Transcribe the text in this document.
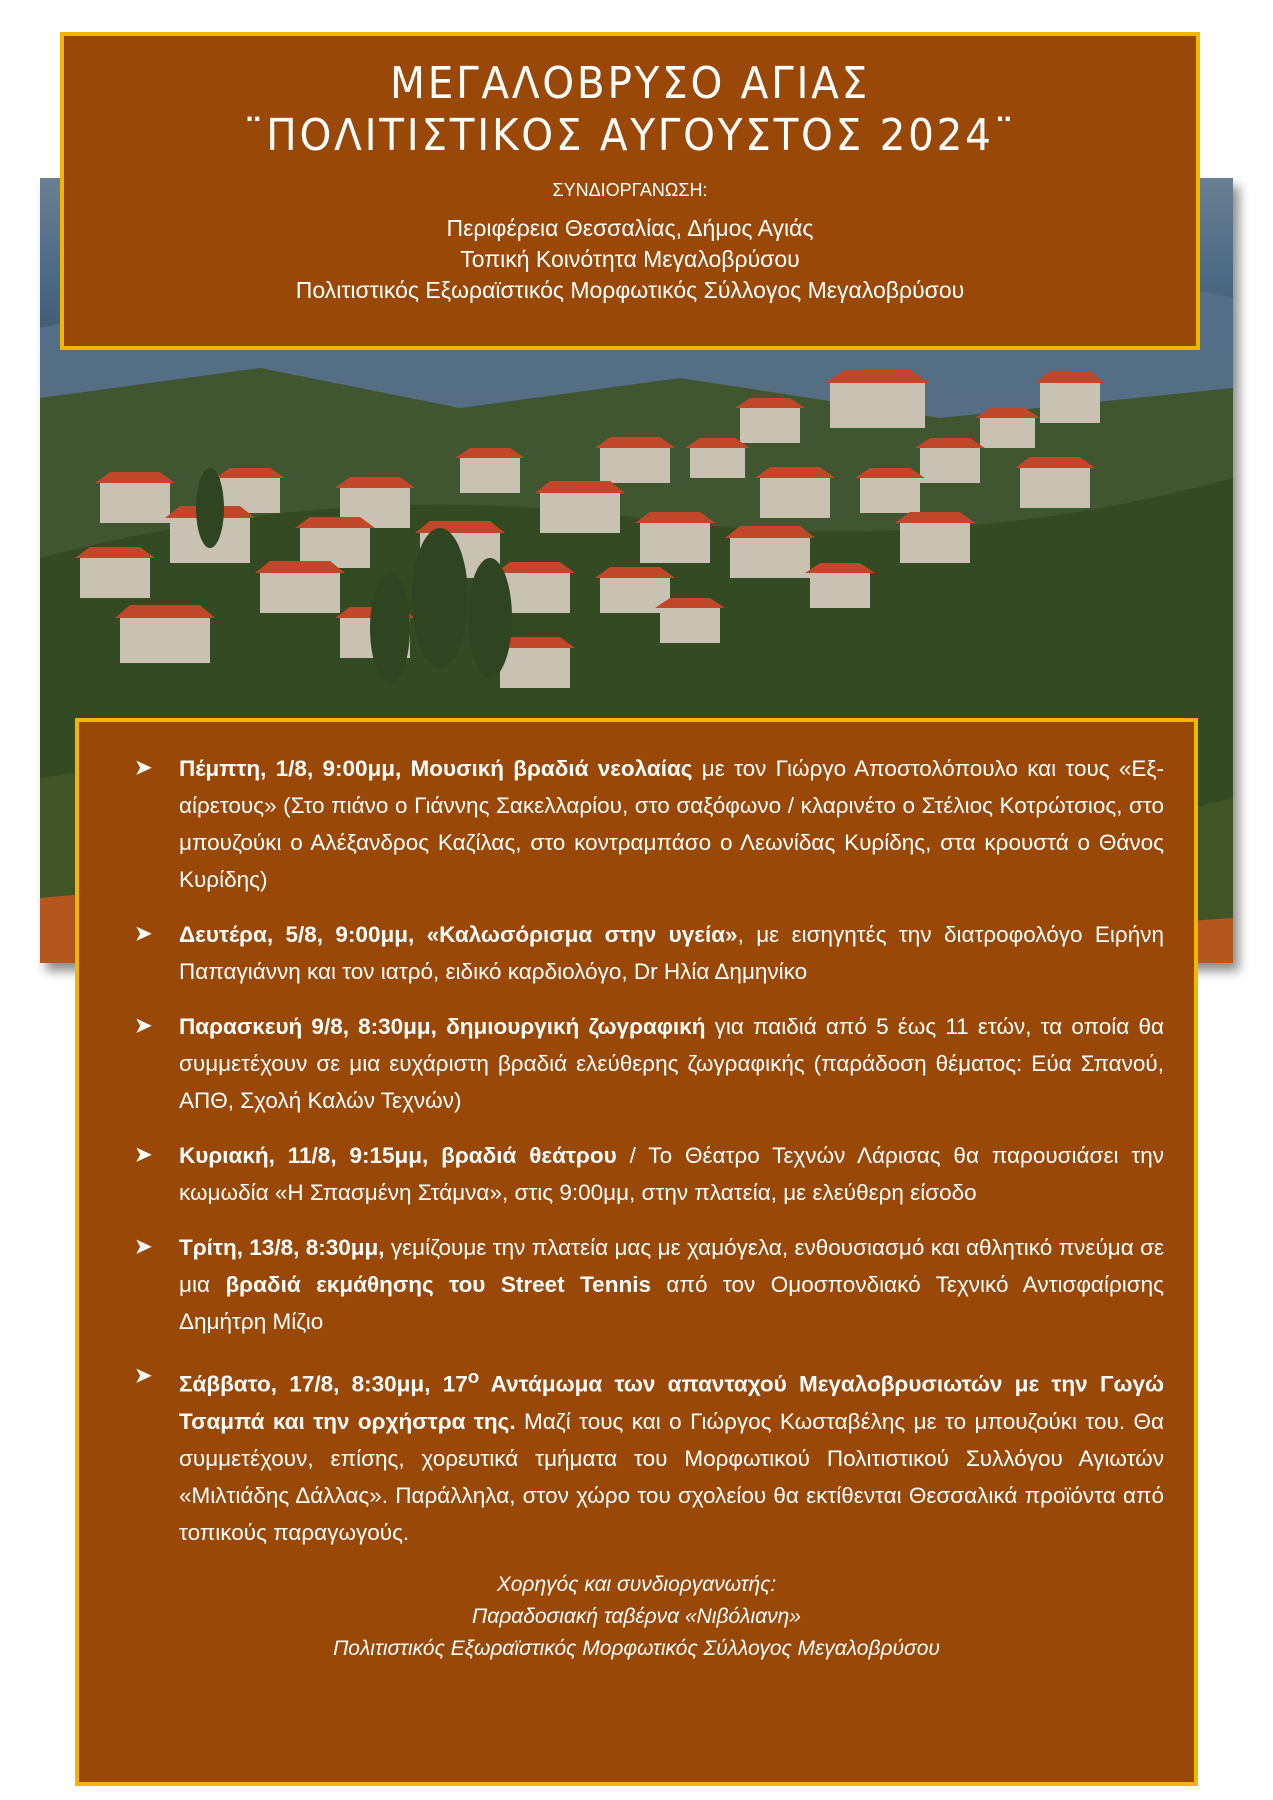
ΜΕΓΑΛΟΒΡΥΣΟ ΑΓΙΑΣ
¨ΠΟΛΙΤΙΣΤΙΚΟΣ ΑΥΓΟΥΣΤΟΣ 2024¨
ΣΥΝΔΙΟΡΓΑΝΩΣΗ:
Περιφέρεια Θεσσαλίας, Δήμος Αγιάς
Τοπική Κοινότητα Μεγαλοβρύσου
Πολιτιστικός Εξωραϊστικός Μορφωτικός Σύλλογος Μεγαλοβρύσου
➤ Πέμπτη, 1/8, 9:00μμ, Μουσική βραδιά νεολαίας με τον Γιώργο Αποστολόπουλο και τους «Εξ-αίρετους» (Στο πιάνο ο Γιάννης Σακελλαρίου, στο σαξόφωνο / κλαρινέτο ο Στέλιος Κοτρώτσιος, στο μπουζούκι ο Αλέξανδρος Καζίλας, στο κοντραμπάσο ο Λεωνίδας Κυρίδης, στα κρουστά ο Θάνος Κυρίδης)
➤ Δευτέρα, 5/8, 9:00μμ, «Καλωσόρισμα στην υγεία», με εισηγητές την διατροφολόγο Ειρήνη Παπαγιάννη και τον ιατρό, ειδικό καρδιολόγο, Dr Ηλία Δημηνίκο
➤ Παρασκευή 9/8, 8:30μμ, δημιουργική ζωγραφική για παιδιά από 5 έως 11 ετών, τα οποία θα συμμετέχουν σε μια ευχάριστη βραδιά ελεύθερης ζωγραφικής (παράδοση θέματος: Εύα Σπανού, ΑΠΘ, Σχολή Καλών Τεχνών)
➤ Κυριακή, 11/8, 9:15μμ, βραδιά θεάτρου / Το Θέατρο Τεχνών Λάρισας θα παρουσιάσει την κωμωδία «Η Σπασμένη Στάμνα», στις 9:00μμ, στην πλατεία, με ελεύθερη είσοδο
➤ Τρίτη, 13/8, 8:30μμ, γεμίζουμε την πλατεία μας με χαμόγελα, ενθουσιασμό και αθλητικό πνεύμα σε μια βραδιά εκμάθησης του Street Tennis από τον Ομοσπονδιακό Τεχνικό Αντισφαίρισης Δημήτρη Μίζιο
➤ Σάββατο, 17/8, 8:30μμ, $17^o$ Αντάμωμα των απανταχού Μεγαλοβρυσιωτών με την Γωγώ Τσαμπά και την ορχήστρα της. Μαζί τους και ο Γιώργος Κωσταβέλης με το μπουζούκι του. Θα συμμετέχουν, επίσης, χορευτικά τμήματα του Μορφωτικού Πολιτιστικού Συλλόγου Αγιωτών «Μιλτιάδης Δάλλας». Παράλληλα, στον χώρο του σχολείου θα εκτίθενται Θεσσαλικά προϊόντα από τοπικούς παραγωγούς.
Χορηγός και συνδιοργανωτής:
Παραδοσιακή ταβέρνα «Νιβόλιανη»
Πολιτιστικός Εξωραϊστικός Μορφωτικός Σύλλογος Μεγαλοβρύσου
